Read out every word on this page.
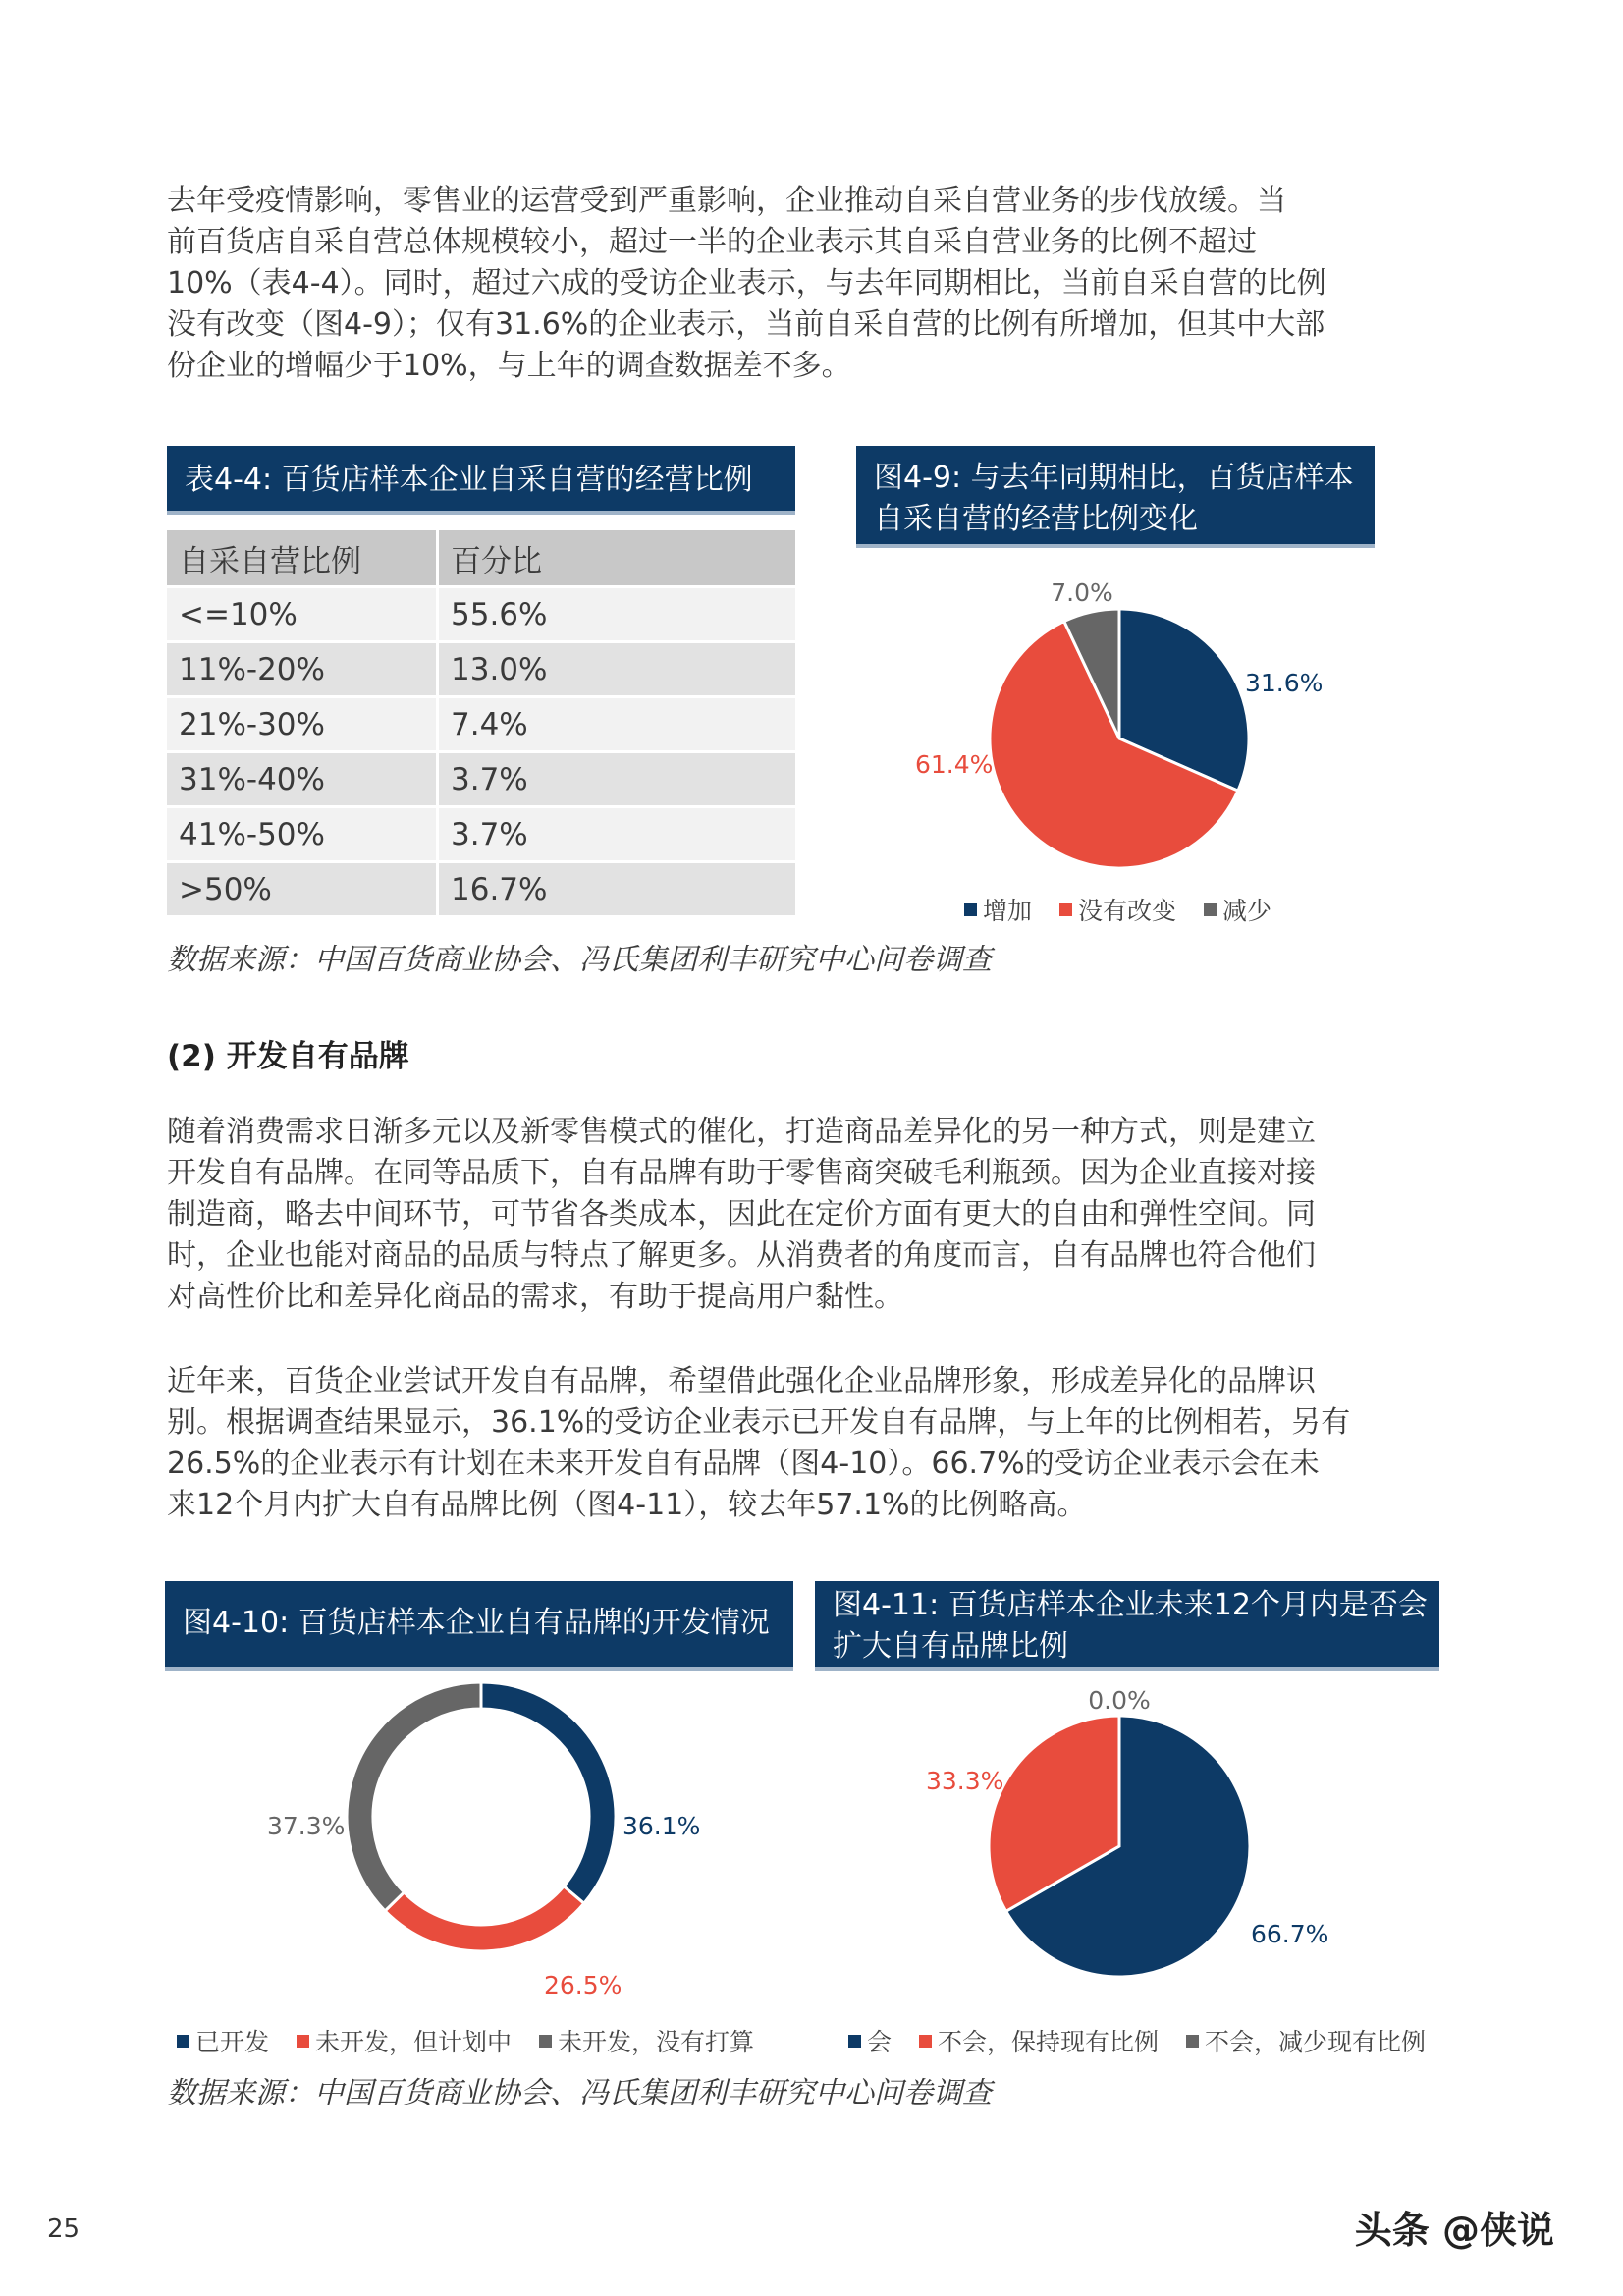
去年受疫情影响，零售业的运营受到严重影响，企业推动自采自营业务的步伐放缓。当
前百货店自采自营总体规模较小，超过一半的企业表示其自采自营业务的比例不超过
10%（表4-4）。同时，超过六成的受访企业表示，与去年同期相比，当前自采自营的比例
没有改变（图4-9）；仅有31.6%的企业表示，当前自采自营的比例有所增加，但其中大部
份企业的增幅少于10%，与上年的调查数据差不多。
表4-4: 百货店样本企业自采自营的经营比例
自采自营比例	百分比
<=10%	55.6%
11%-20%	13.0%
21%-30%	7.4%
31%-40%	3.7%
41%-50%	3.7%
>50%	16.7%
图4-9: 与去年同期相比，百货店样本
自采自营的经营比例变化
增加 没有改变 减少
数据来源：中国百货商业协会、冯氏集团利丰研究中心问卷调查
(2) 开发自有品牌
随着消费需求日渐多元以及新零售模式的催化，打造商品差异化的另一种方式，则是建立
开发自有品牌。在同等品质下，自有品牌有助于零售商突破毛利瓶颈。因为企业直接对接
制造商，略去中间环节，可节省各类成本，因此在定价方面有更大的自由和弹性空间。同
时，企业也能对商品的品质与特点了解更多。从消费者的角度而言，自有品牌也符合他们
对高性价比和差异化商品的需求，有助于提高用户黏性。
近年来，百货企业尝试开发自有品牌，希望借此强化企业品牌形象，形成差异化的品牌识
别。根据调查结果显示，36.1%的受访企业表示已开发自有品牌，与上年的比例相若，另有
26.5%的企业表示有计划在未来开发自有品牌（图4-10）。66.7%的受访企业表示会在未
来12个月内扩大自有品牌比例（图4-11），较去年57.1%的比例略高。
图4-10: 百货店样本企业自有品牌的开发情况
图4-11: 百货店样本企业未来12个月内是否会
扩大自有品牌比例
已开发 未开发，但计划中 未开发，没有打算	会 不会，保持现有比例 不会，减少现有比例
数据来源：中国百货商业协会、冯氏集团利丰研究中心问卷调查
25	头条 @侠说
31.6%
61.4%
7.0%
36.1%
26.5%
37.3%
66.7%
33.3%
0.0%
